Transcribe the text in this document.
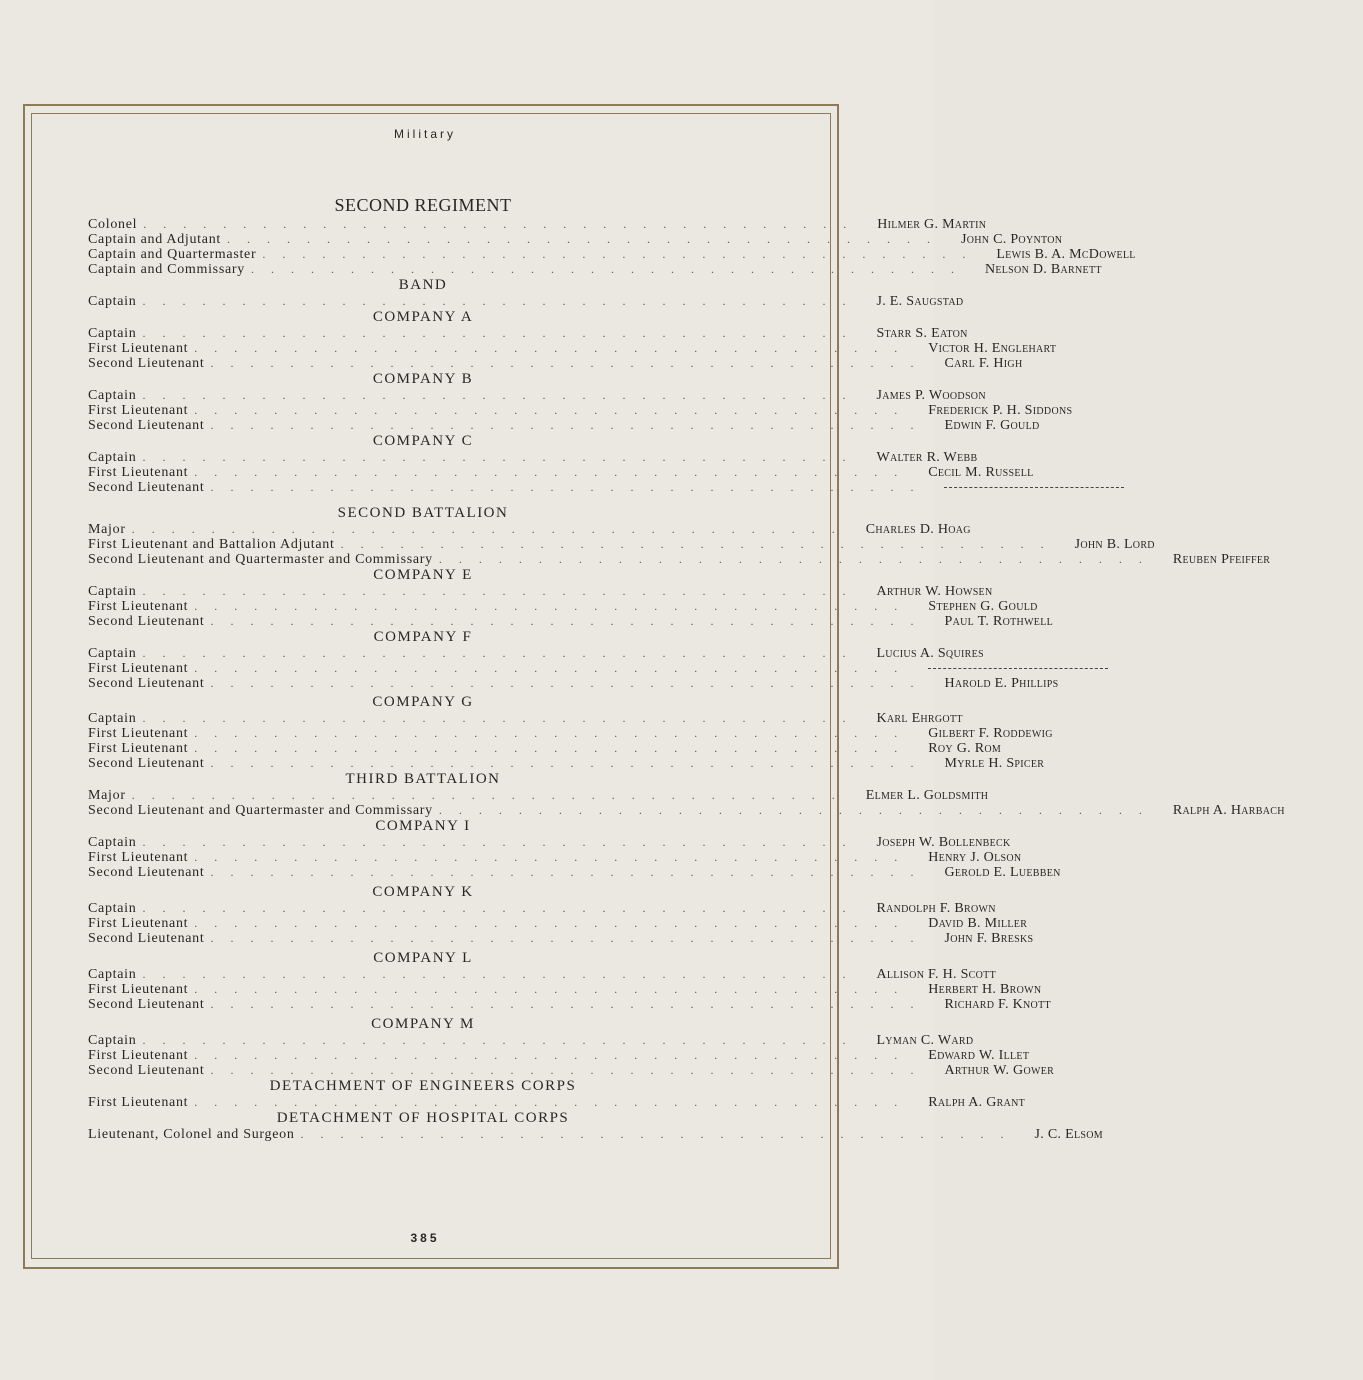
Military
SECOND REGIMENT
Colonel . . . . . . . . . . . . . . . . . . . . . . . . . . . . . . . . . . . . Hilmer G. Martin
Captain and Adjutant . . . . . . . . . . . . . . . . . . . . . . . . . . . . . . . . . . . . John C. Poynton
Captain and Quartermaster . . . . . . . . . . . . . . . . . . . . . . . . . . . . . . . . . . . . Lewis B. A. McDowell
Captain and Commissary . . . . . . . . . . . . . . . . . . . . . . . . . . . . . . . . . . . . Nelson D. Barnett
BAND
Captain . . . . . . . . . . . . . . . . . . . . . . . . . . . . . . . . . . . . J. E. Saugstad
COMPANY A
Captain . . . . . . . . . . . . . . . . . . . . . . . . . . . . . . . . . . . . Starr S. Eaton
First Lieutenant . . . . . . . . . . . . . . . . . . . . . . . . . . . . . . . . . . . . Victor H. Englehart
Second Lieutenant . . . . . . . . . . . . . . . . . . . . . . . . . . . . . . . . . . . . Carl F. High
COMPANY B
Captain . . . . . . . . . . . . . . . . . . . . . . . . . . . . . . . . . . . . James P. Woodson
First Lieutenant . . . . . . . . . . . . . . . . . . . . . . . . . . . . . . . . . . . . Frederick P. H. Siddons
Second Lieutenant . . . . . . . . . . . . . . . . . . . . . . . . . . . . . . . . . . . . Edwin F. Gould
COMPANY C
Captain . . . . . . . . . . . . . . . . . . . . . . . . . . . . . . . . . . . . Walter R. Webb
First Lieutenant . . . . . . . . . . . . . . . . . . . . . . . . . . . . . . . . . . . . Cecil M. Russell
Second Lieutenant . . . . . . . . . . . . . . . . . . . . . . . . . . . . . . . . . . . .
SECOND BATTALION
Major . . . . . . . . . . . . . . . . . . . . . . . . . . . . . . . . . . . . Charles D. Hoag
First Lieutenant and Battalion Adjutant . . . . . . . . . . . . . . . . . . . . . . . . . . . . . . . . . . . . John B. Lord
Second Lieutenant and Quartermaster and Commissary . . . . . . . . . . . . . . . . . . . . . . . . . . . . . . . . . . . . Reuben Pfeiffer
COMPANY E
Captain . . . . . . . . . . . . . . . . . . . . . . . . . . . . . . . . . . . . Arthur W. Howsen
First Lieutenant . . . . . . . . . . . . . . . . . . . . . . . . . . . . . . . . . . . . Stephen G. Gould
Second Lieutenant . . . . . . . . . . . . . . . . . . . . . . . . . . . . . . . . . . . . Paul T. Rothwell
COMPANY F
Captain . . . . . . . . . . . . . . . . . . . . . . . . . . . . . . . . . . . . Lucius A. Squires
First Lieutenant . . . . . . . . . . . . . . . . . . . . . . . . . . . . . . . . . . . .
Second Lieutenant . . . . . . . . . . . . . . . . . . . . . . . . . . . . . . . . . . . . Harold E. Phillips
COMPANY G
Captain . . . . . . . . . . . . . . . . . . . . . . . . . . . . . . . . . . . . Karl Ehrgott
First Lieutenant . . . . . . . . . . . . . . . . . . . . . . . . . . . . . . . . . . . . Gilbert F. Roddewig
First Lieutenant . . . . . . . . . . . . . . . . . . . . . . . . . . . . . . . . . . . . Roy G. Rom
Second Lieutenant . . . . . . . . . . . . . . . . . . . . . . . . . . . . . . . . . . . . Myrle H. Spicer
THIRD BATTALION
Major . . . . . . . . . . . . . . . . . . . . . . . . . . . . . . . . . . . . Elmer L. Goldsmith
Second Lieutenant and Quartermaster and Commissary . . . . . . . . . . . . . . . . . . . . . . . . . . . . . . . . . . . . Ralph A. Harbach
COMPANY I
Captain . . . . . . . . . . . . . . . . . . . . . . . . . . . . . . . . . . . . Joseph W. Bollenbeck
First Lieutenant . . . . . . . . . . . . . . . . . . . . . . . . . . . . . . . . . . . . Henry J. Olson
Second Lieutenant . . . . . . . . . . . . . . . . . . . . . . . . . . . . . . . . . . . . Gerold E. Luebben
COMPANY K
Captain . . . . . . . . . . . . . . . . . . . . . . . . . . . . . . . . . . . . Randolph F. Brown
First Lieutenant . . . . . . . . . . . . . . . . . . . . . . . . . . . . . . . . . . . . David B. Miller
Second Lieutenant . . . . . . . . . . . . . . . . . . . . . . . . . . . . . . . . . . . . John F. Bresks
COMPANY L
Captain . . . . . . . . . . . . . . . . . . . . . . . . . . . . . . . . . . . . Allison F. H. Scott
First Lieutenant . . . . . . . . . . . . . . . . . . . . . . . . . . . . . . . . . . . . Herbert H. Brown
Second Lieutenant . . . . . . . . . . . . . . . . . . . . . . . . . . . . . . . . . . . . Richard F. Knott
COMPANY M
Captain . . . . . . . . . . . . . . . . . . . . . . . . . . . . . . . . . . . . Lyman C. Ward
First Lieutenant . . . . . . . . . . . . . . . . . . . . . . . . . . . . . . . . . . . . Edward W. Illet
Second Lieutenant . . . . . . . . . . . . . . . . . . . . . . . . . . . . . . . . . . . . Arthur W. Gower
DETACHMENT OF ENGINEERS CORPS
First Lieutenant . . . . . . . . . . . . . . . . . . . . . . . . . . . . . . . . . . . . Ralph A. Grant
DETACHMENT OF HOSPITAL CORPS
Lieutenant, Colonel and Surgeon . . . . . . . . . . . . . . . . . . . . . . . . . . . . . . . . . . . . J. C. Elsom
385
